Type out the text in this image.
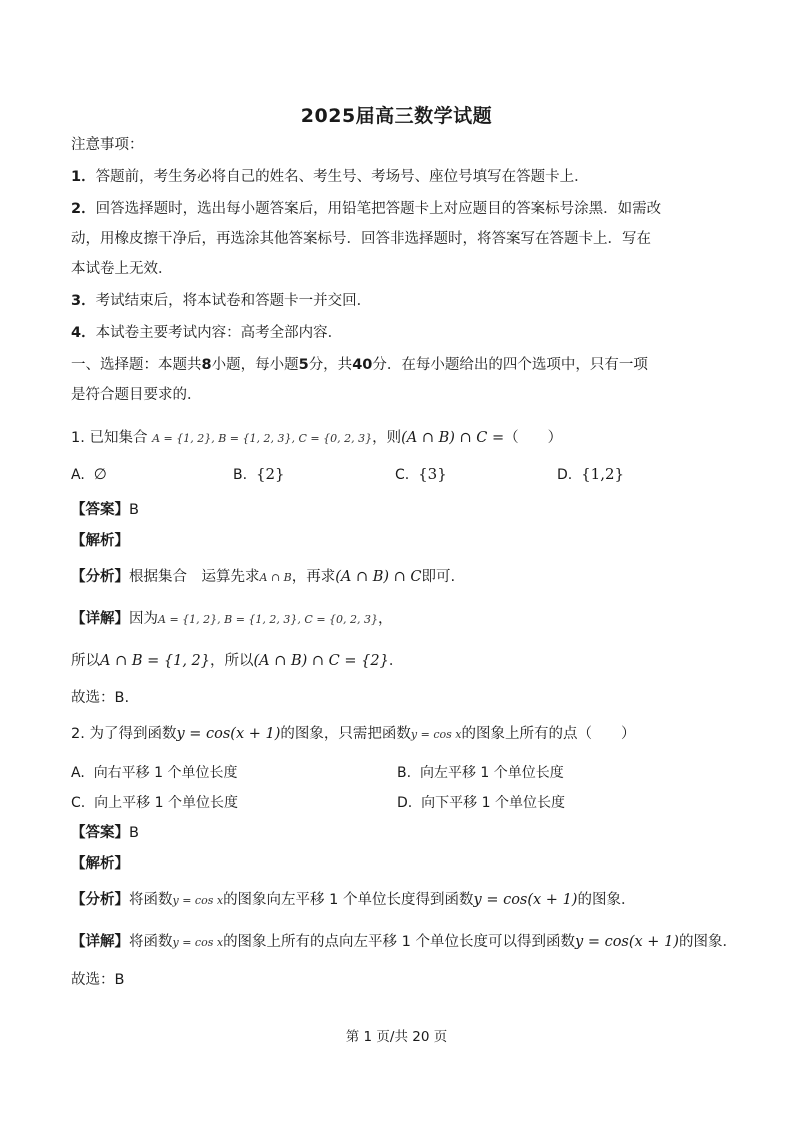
2025届高三数学试题
注意事项：
1．答题前，考生务必将自己的姓名、考生号、考场号、座位号填写在答题卡上．
2．回答选择题时，选出每小题答案后，用铅笔把答题卡上对应题目的答案标号涂黑．如需改
动，用橡皮擦干净后，再选涂其他答案标号．回答非选择题时，将答案写在答题卡上．写在
本试卷上无效．
3．考试结束后，将本试卷和答题卡一并交回．
4．本试卷主要考试内容：高考全部内容．
一、选择题：本题共8小题，每小题5分，共40分．在每小题给出的四个选项中，只有一项
是符合题目要求的．
1. 已知集合 A = {1, 2}, B = {1, 2, 3}, C = {0, 2, 3}，则(A ∩ B) ∩ C =（　　）
A. ∅	B. {2}	C. {3}	D. {1,2}
【答案】B
【解析】
【分析】根据集合　运算先求A ∩ B，再求(A ∩ B) ∩ C即可.
【详解】因为A = {1, 2}, B = {1, 2, 3}, C = {0, 2, 3}，
所以A ∩ B = {1, 2}，所以(A ∩ B) ∩ C = {2}．
故选：B.
2. 为了得到函数y = cos(x + 1)的图象，只需把函数y = cos x的图象上所有的点（　　）
A. 向右平移 1 个单位长度	B. 向左平移 1 个单位长度
C. 向上平移 1 个单位长度	D. 向下平移 1 个单位长度
【答案】B
【解析】
【分析】将函数y = cos x的图象向左平移 1 个单位长度得到函数y = cos(x + 1)的图象．
【详解】将函数y = cos x的图象上所有的点向左平移 1 个单位长度可以得到函数y = cos(x + 1)的图象．
故选：B
第 1 页/共 20 页
